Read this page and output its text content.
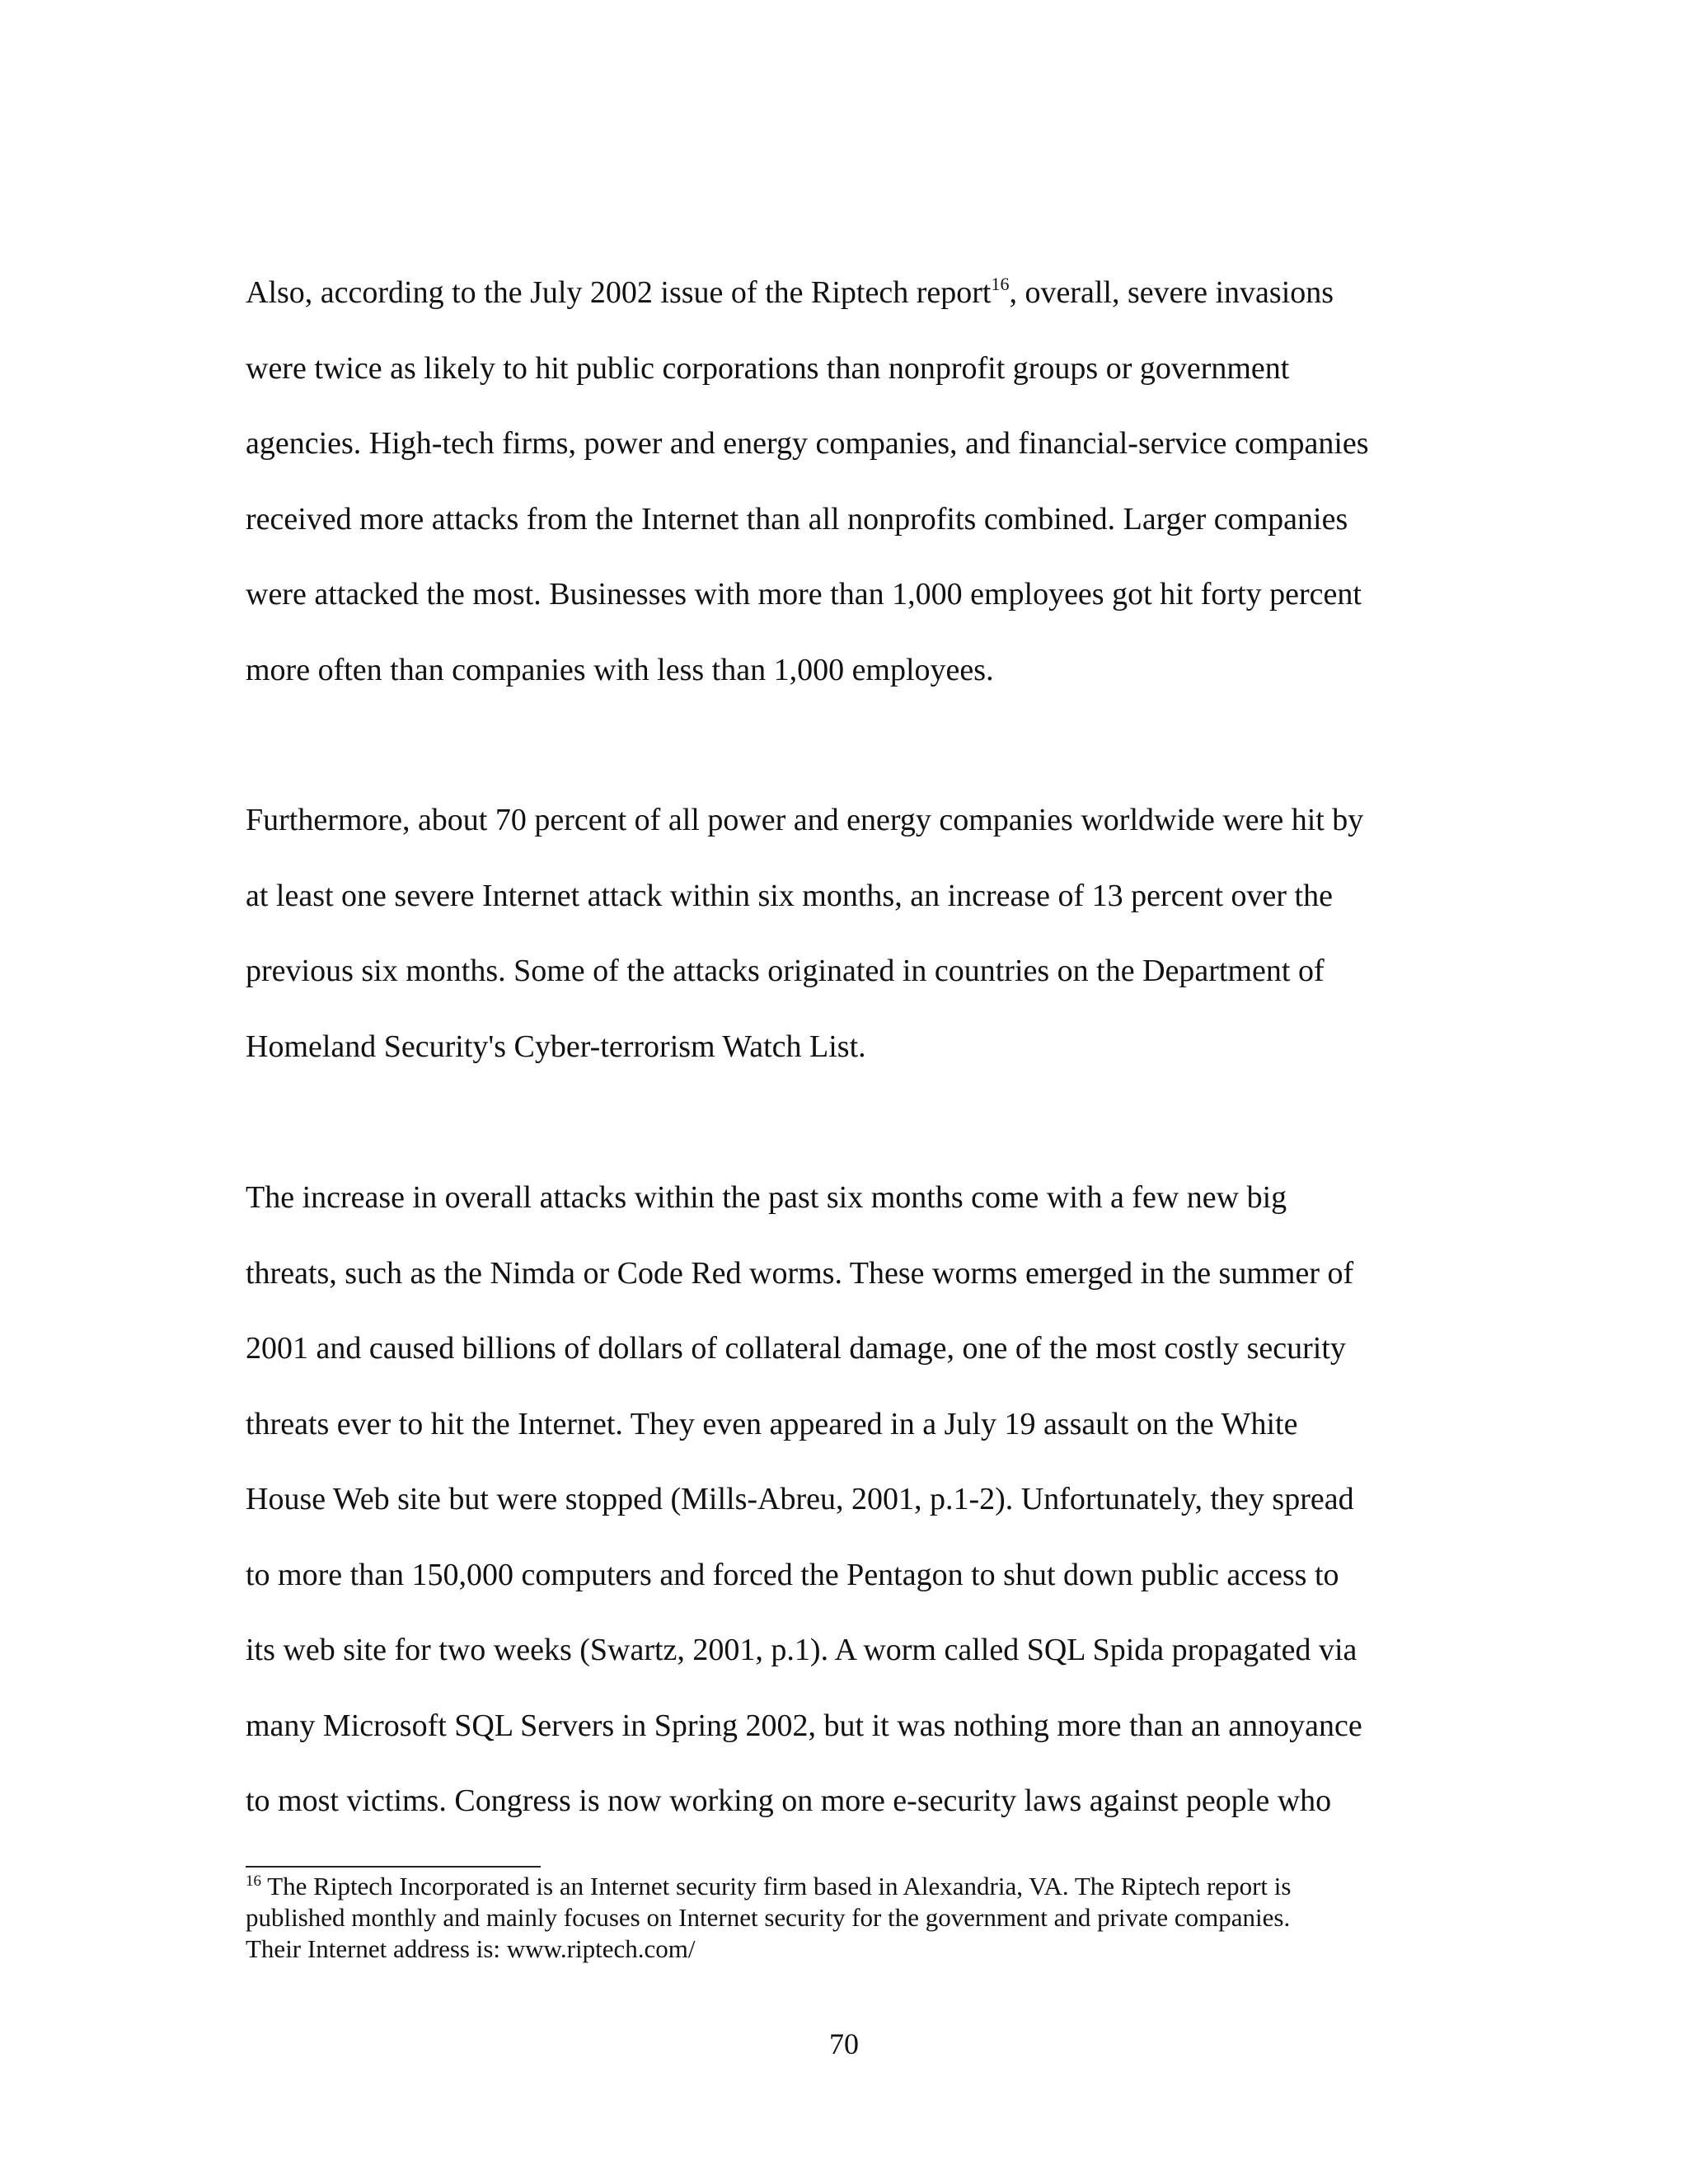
Also, according to the July 2002 issue of the Riptech report$^{16}$, overall, severe invasions
were twice as likely to hit public corporations than nonprofit groups or government
agencies. High-tech firms, power and energy companies, and financial-service companies
received more attacks from the Internet than all nonprofits combined. Larger companies
were attacked the most. Businesses with more than 1,000 employees got hit forty percent
more often than companies with less than 1,000 employees.

Furthermore, about 70 percent of all power and energy companies worldwide were hit by
at least one severe Internet attack within six months, an increase of 13 percent over the
previous six months. Some of the attacks originated in countries on the Department of
Homeland Security's Cyber-terrorism Watch List.

The increase in overall attacks within the past six months come with a few new big
threats, such as the Nimda or Code Red worms. These worms emerged in the summer of
2001 and caused billions of dollars of collateral damage, one of the most costly security
threats ever to hit the Internet. They even appeared in a July 19 assault on the White
House Web site but were stopped (Mills-Abreu, 2001, p.1-2). Unfortunately, they spread
to more than 150,000 computers and forced the Pentagon to shut down public access to
its web site for two weeks (Swartz, 2001, p.1). A worm called SQL Spida propagated via
many Microsoft SQL Servers in Spring 2002, but it was nothing more than an annoyance
to most victims. Congress is now working on more e-security laws against people who

$^{16}$ The Riptech Incorporated is an Internet security firm based in Alexandria, VA. The Riptech report is
published monthly and mainly focuses on Internet security for the government and private companies.
Their Internet address is: www.riptech.com/
70
